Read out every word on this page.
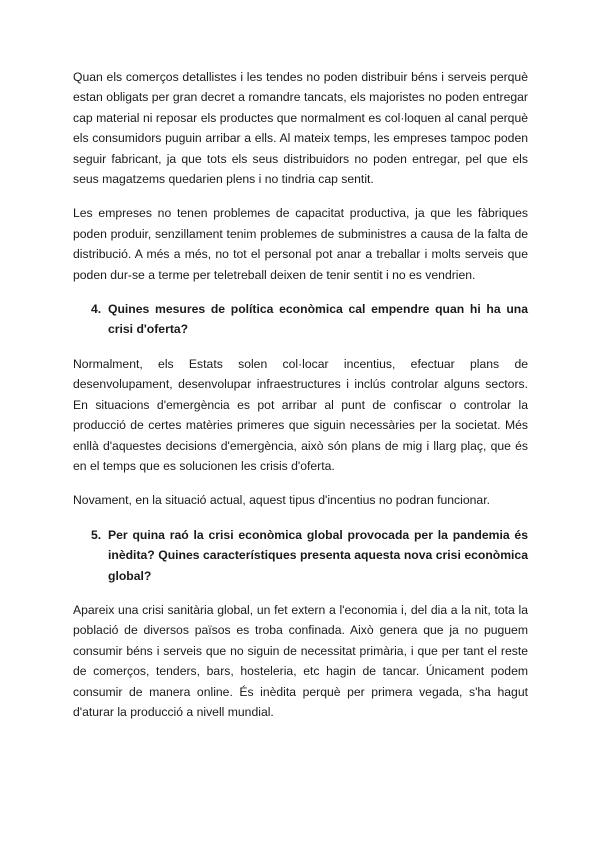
Quan els comerços detallistes i les tendes no poden distribuir béns i serveis perquè estan obligats per gran decret a romandre tancats, els majoristes no poden entregar cap material ni reposar els productes que normalment es col·loquen al canal perquè els consumidors puguin arribar a ells. Al mateix temps, les empreses tampoc poden seguir fabricant, ja que tots els seus distribuidors no poden entregar, pel que els seus magatzems quedarien plens i no tindria cap sentit.

Les empreses no tenen problemes de capacitat productiva, ja que les fàbriques poden produir, senzillament tenim problemes de subministres a causa de la falta de distribució. A més a més, no tot el personal pot anar a treballar i molts serveis que poden dur-se a terme per teletreball deixen de tenir sentit i no es vendrien.

4. Quines mesures de política econòmica cal empendre quan hi ha una crisi d'oferta?

Normalment, els Estats solen col·locar incentius, efectuar plans de desenvolupament, desenvolupar infraestructures i inclús controlar alguns sectors. En situacions d'emergència es pot arribar al punt de confiscar o controlar la producció de certes matèries primeres que siguin necessàries per la societat. Més enllà d'aquestes decisions d'emergència, això són plans de mig i llarg plaç, que és en el temps que es solucionen les crisis d'oferta.

Novament, en la situació actual, aquest tipus d'incentius no podran funcionar.

5. Per quina raó la crisi econòmica global provocada per la pandemia és inèdita? Quines característiques presenta aquesta nova crisi econòmica global?

Apareix una crisi sanitària global, un fet extern a l'economia i, del dia a la nit, tota la població de diversos països es troba confinada. Això genera que ja no puguem consumir béns i serveis que no siguin de necessitat primària, i que per tant el reste de comerços, tenders, bars, hosteleria, etc hagin de tancar. Únicament podem consumir de manera online. És inèdita perquè per primera vegada, s'ha hagut d'aturar la producció a nivell mundial.
